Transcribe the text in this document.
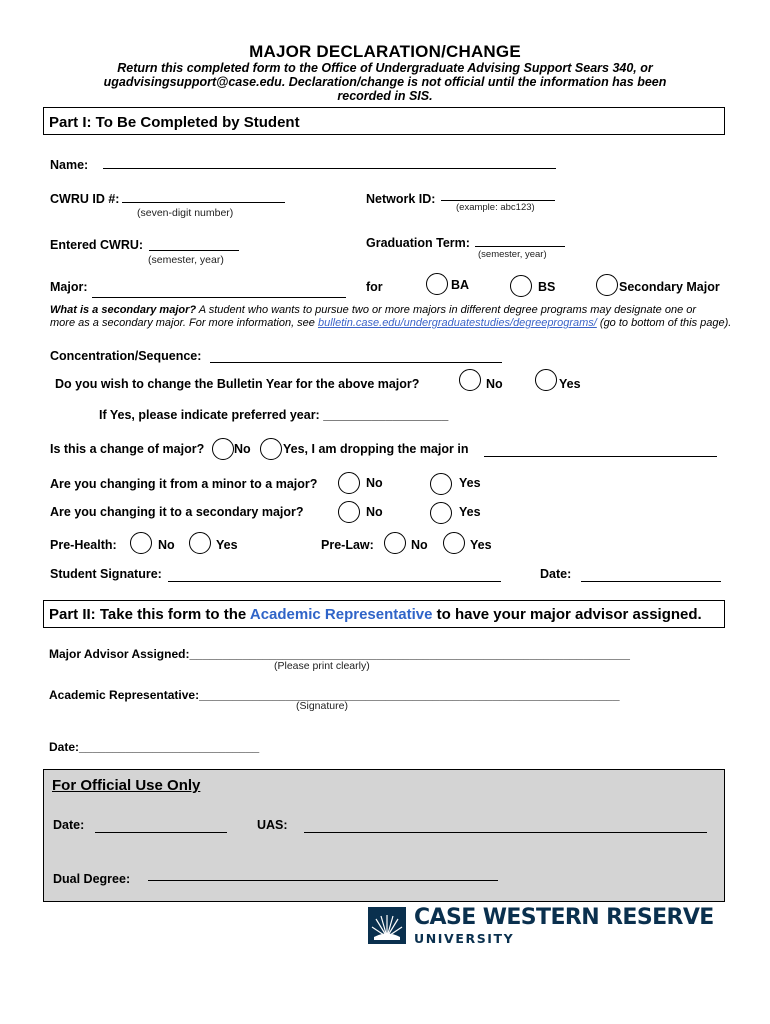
MAJOR DECLARATION/CHANGE
Return this completed form to the Office of Undergraduate Advising Support Sears 340, or
ugadvisingsupport@case.edu. Declaration/change is not official until the information has been
recorded in SIS.
Part I: To Be Completed by Student
Name:
CWRU ID #:
(seven-digit number)
Network ID:
(example: abc123)
Entered CWRU:
(semester, year)
Graduation Term:
(semester, year)
Major:	for	BA	BS	Secondary Major
What is a secondary major? A student who wants to pursue two or more majors in different degree programs may designate one or
more as a secondary major. For more information, see bulletin.case.edu/undergraduatestudies/degreeprograms/ (go to bottom of this page).
Concentration/Sequence:
Do you wish to change the Bulletin Year for the above major?	No	Yes
If Yes, please indicate preferred year: __________________
Is this a change of major? No	Yes, I am dropping the major in
Are you changing it from a minor to a major?	No	Yes
Are you changing it to a secondary major?	No	Yes
Pre-Health:	No	Yes	Pre-Law:	No	Yes
Student Signature:	Date:
Part II: Take this form to the Academic Representative to have your major advisor assigned.
Major Advisor Assigned:__________________________________________________________________
(Please print clearly)
Academic Representative:_______________________________________________________________
(Signature)
Date:___________________________
For Official Use Only
Date:	UAS:
Dual Degree:
CASE WESTERN RESERVE
UNIVERSITY
